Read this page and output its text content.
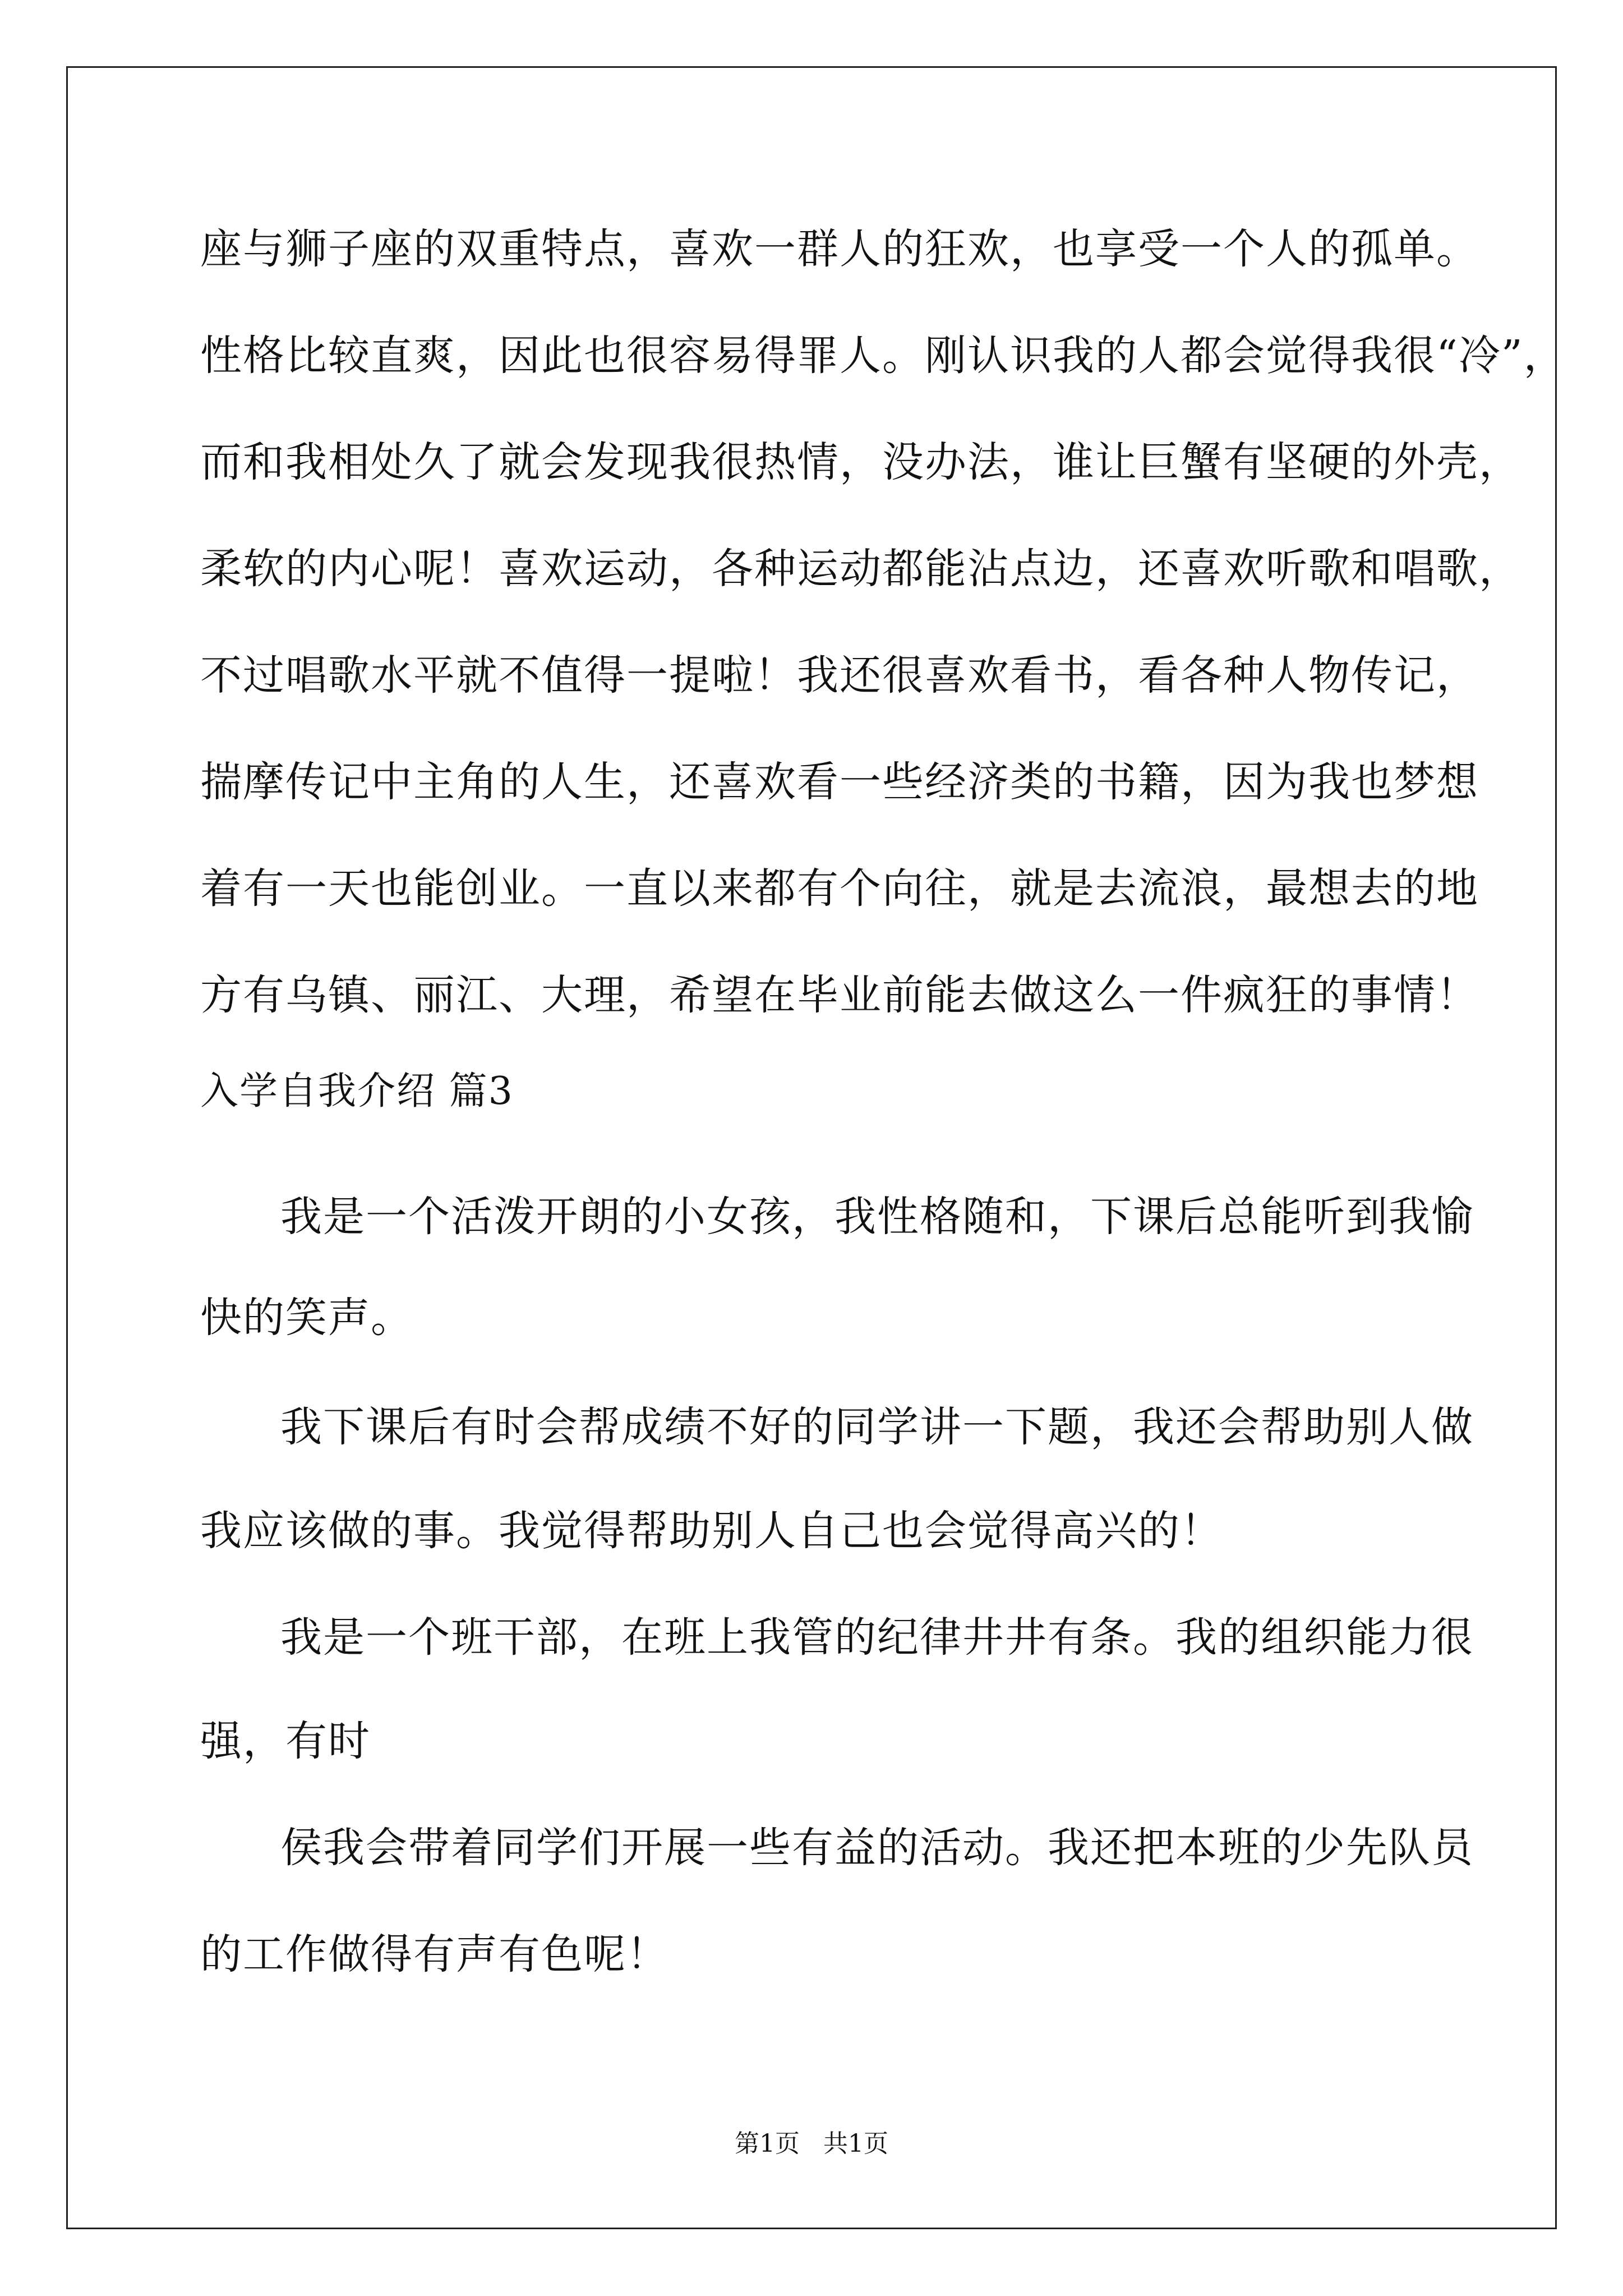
座与狮子座的双重特点，喜欢一群人的狂欢，也享受一个人的孤单。
性格比较直爽，因此也很容易得罪人。刚认识我的人都会觉得我很“冷”，
而和我相处久了就会发现我很热情，没办法，谁让巨蟹有坚硬的外壳，
柔软的内心呢！喜欢运动，各种运动都能沾点边，还喜欢听歌和唱歌，
不过唱歌水平就不值得一提啦！我还很喜欢看书，看各种人物传记，
揣摩传记中主角的人生，还喜欢看一些经济类的书籍，因为我也梦想
着有一天也能创业。一直以来都有个向往，就是去流浪，最想去的地
方有乌镇、丽江、大理，希望在毕业前能去做这么一件疯狂的事情！
入学自我介绍 篇3
我是一个活泼开朗的小女孩，我性格随和，下课后总能听到我愉
快的笑声。
我下课后有时会帮成绩不好的同学讲一下题，我还会帮助别人做
我应该做的事。我觉得帮助别人自己也会觉得高兴的！
我是一个班干部，在班上我管的纪律井井有条。我的组织能力很
强，有时
侯我会带着同学们开展一些有益的活动。我还把本班的少先队员
的工作做得有声有色呢！
第1页   共1页
